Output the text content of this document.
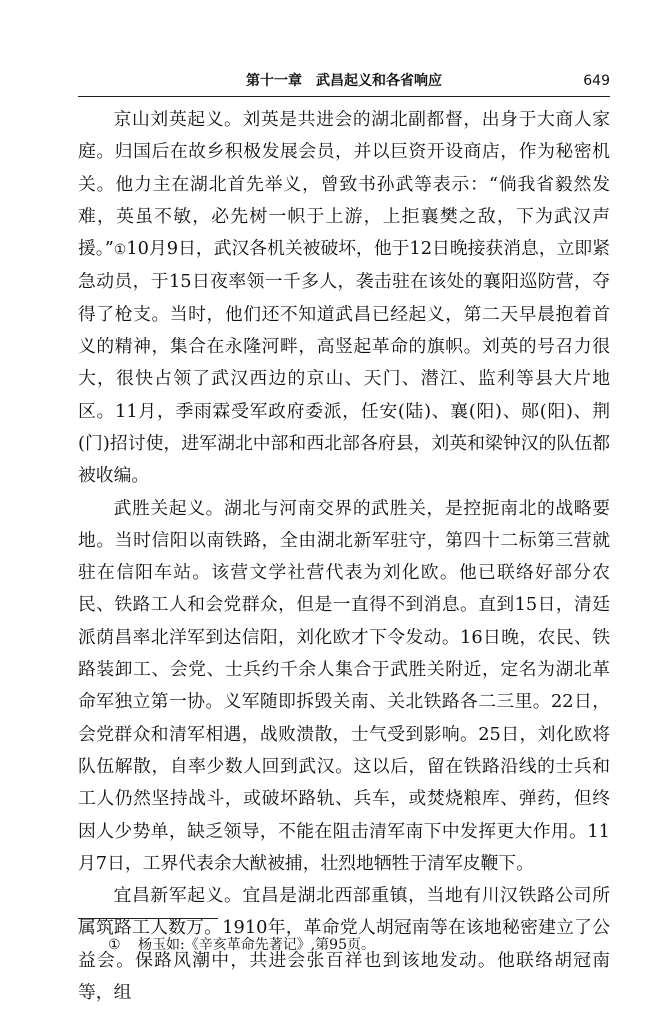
第十一章　武昌起义和各省响应	649

京山刘英起义。刘英是共进会的湖北副都督，出身于大商人家庭。归国后在故乡积极发展会员，并以巨资开设商店，作为秘密机关。他力主在湖北首先举义，曾致书孙武等表示：“倘我省毅然发难，英虽不敏，必先树一帜于上游，上拒襄樊之敌，下为武汉声援。”①10月9日，武汉各机关被破坏，他于12日晚接获消息，立即紧急动员，于15日夜率领一千多人，袭击驻在该处的襄阳巡防营，夺得了枪支。当时，他们还不知道武昌已经起义，第二天早晨抱着首义的精神，集合在永隆河畔，高竖起革命的旗帜。刘英的号召力很大，很快占领了武汉西边的京山、天门、潜江、监利等县大片地区。11月，季雨霖受军政府委派，任安(陆)、襄(阳)、郧(阳)、荆(门)招讨使，进军湖北中部和西北部各府县，刘英和梁钟汉的队伍都被收编。

武胜关起义。湖北与河南交界的武胜关，是控扼南北的战略要地。当时信阳以南铁路，全由湖北新军驻守，第四十二标第三营就驻在信阳车站。该营文学社营代表为刘化欧。他已联络好部分农民、铁路工人和会党群众，但是一直得不到消息。直到15日，清廷派荫昌率北洋军到达信阳，刘化欧才下令发动。16日晚，农民、铁路装卸工、会党、士兵约千余人集合于武胜关附近，定名为湖北革命军独立第一协。义军随即拆毁关南、关北铁路各二三里。22日，会党群众和清军相遇，战败溃散，士气受到影响。25日，刘化欧将队伍解散，自率少数人回到武汉。这以后，留在铁路沿线的士兵和工人仍然坚持战斗，或破坏路轨、兵车，或焚烧粮库、弹药，但终因人少势单，缺乏领导，不能在阻击清军南下中发挥更大作用。11月7日，工界代表余大猷被捕，壮烈地牺牲于清军皮鞭下。

宜昌新军起义。宜昌是湖北西部重镇，当地有川汉铁路公司所属筑路工人数万。1910年，革命党人胡冠南等在该地秘密建立了公益会。保路风潮中，共进会张百祥也到该地发动。他联络胡冠南等，组

① 杨玉如:《辛亥革命先著记》,第95页。
